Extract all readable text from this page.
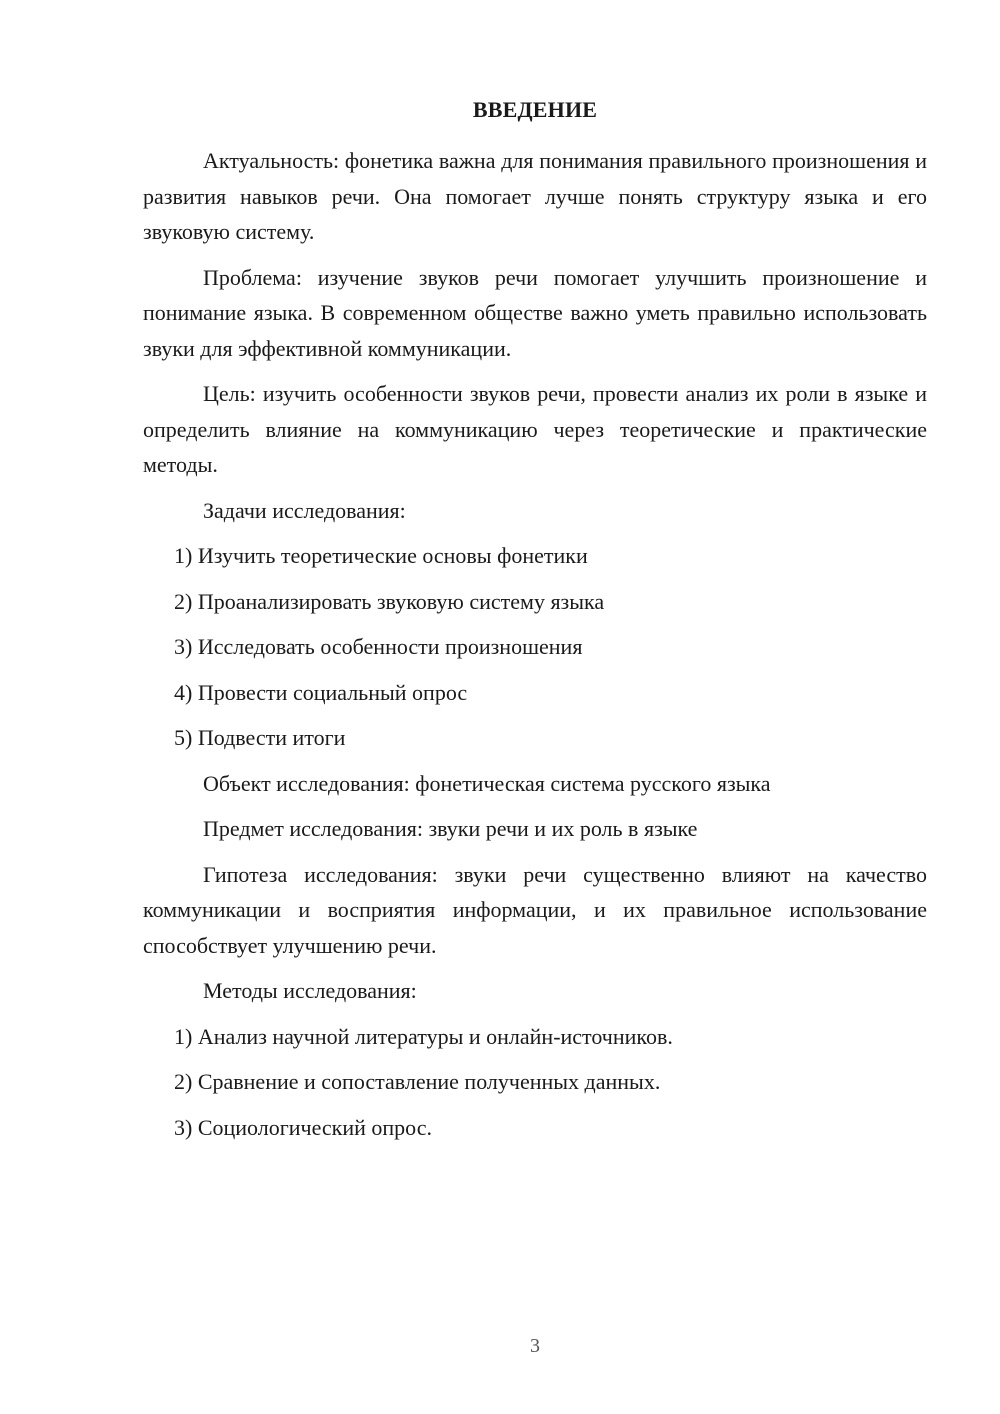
ВВЕДЕНИЕ

Актуальность: фонетика важна для понимания правильного произношения и развития навыков речи. Она помогает лучше понять структуру языка и его звуковую систему.

Проблема: изучение звуков речи помогает улучшить произношение и понимание языка. В современном обществе важно уметь правильно использовать звуки для эффективной коммуникации.

Цель: изучить особенности звуков речи, провести анализ их роли в языке и определить влияние на коммуникацию через теоретические и практические методы.

Задачи исследования:

1) Изучить теоретические основы фонетики

2) Проанализировать звуковую систему языка

3) Исследовать особенности произношения

4) Провести социальный опрос

5) Подвести итоги

Объект исследования: фонетическая система русского языка

Предмет исследования: звуки речи и их роль в языке

Гипотеза исследования: звуки речи существенно влияют на качество коммуникации и восприятия информации, и их правильное использование способствует улучшению речи.

Методы исследования:

1) Анализ научной литературы и онлайн-источников.

2) Сравнение и сопоставление полученных данных.

3) Социологический опрос.

3
